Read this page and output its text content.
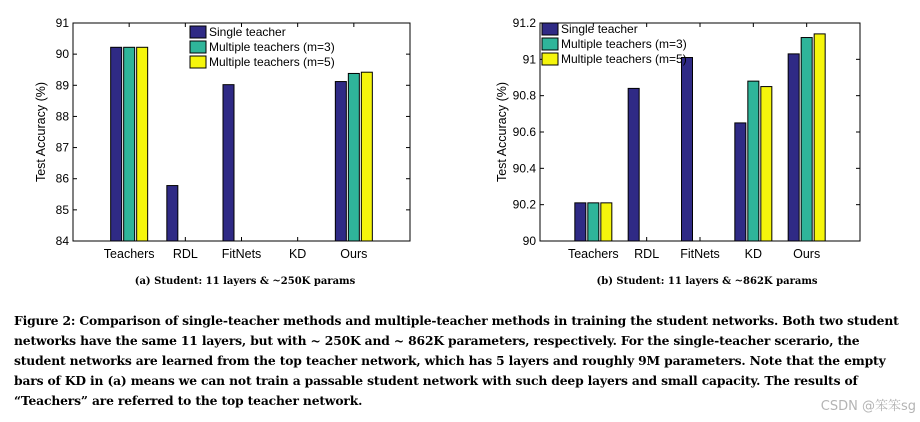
84
85
86
87
88
89
90
91
Test Accuracy (%)
Teachers RDL FitNets KD	Ours
Single teacher
Multiple teachers (m=3)
Multiple teachers (m=5)
90
90.2
90.4
90.6
90.8
91
91.2
Test Accuracy (%)
Teachers RDL FitNets KD Ours
Single teacher
Multiple teachers (m=3)
Multiple teachers (m=5)
(a) Student: 11 layers & ~250K params	(b) Student: 11 layers & ~862K params
Figure 2: Comparison of single-teacher methods and multiple-teacher methods in training the student networks. Both two student networks have the same 11 layers, but with ~ 250K and ~ 862K parameters, respectively. For the single-teacher scerario, the student networks are learned from the top teacher network, which has 5 layers and roughly 9M parameters. Note that the empty bars of KD in (a) means we can not train a passable student network with such deep layers and small capacity. The results of “Teachers” are referred to the top teacher network.	CSDN @笨笨sg
